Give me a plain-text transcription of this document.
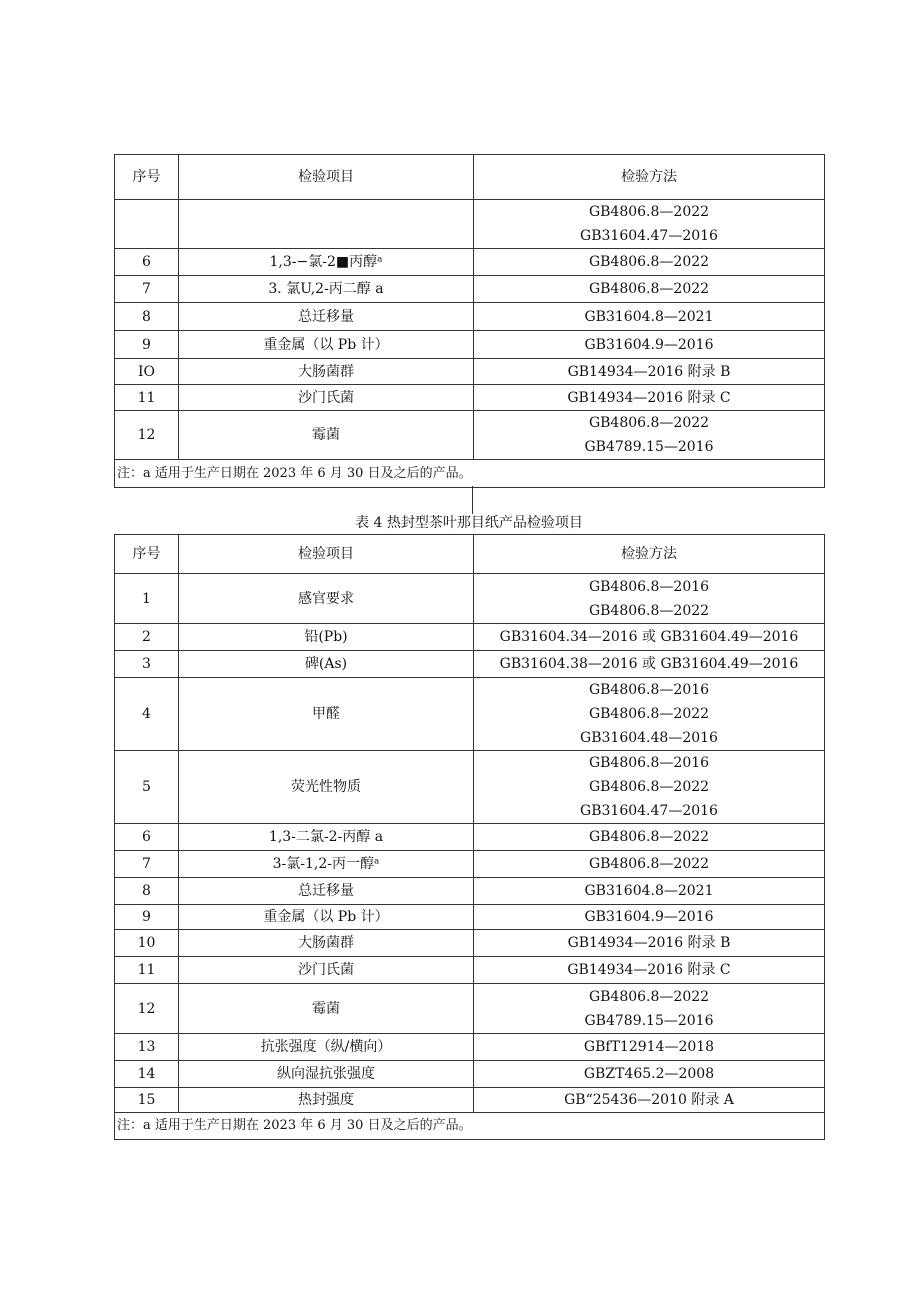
序号	检验项目	检验方法

		GB4806.8—2022
GB31604.47—2016

6	1,3-−氯-2■丙醇ᵃ	GB4806.8—2022

7	3. 氯U,2-丙二醇 a	GB4806.8—2022

8	总迁移量	GB31604.8—2021

9	重金属（以 Pb 计）	GB31604.9—2016

IO	大肠菌群	GB14934—2016 附录 B

11	沙门氏菌	GB14934—2016 附录 C

12	霉菌	GB4806.8—2022
GB4789.15—2016

注：a 适用于生产日期在 2023 年 6 月 30 日及之后的产品。		
表 4 热封型茶叶那目纸产品检验项目
序号	检验项目	检验方法
1	感官要求	GB4806.8—2016
GB4806.8—2022

2	铅(Pb)	GB31604.34—2016 或 GB31604.49—2016

3	碑(As)	GB31604.38—2016 或 GB31604.49—2016

4	甲醛	GB4806.8—2016
GB4806.8—2022
GB31604.48—2016

5	荧光性物质	GB4806.8—2016
GB4806.8—2022
GB31604.47—2016

6	1,3-二氯-2-丙醇 a	GB4806.8—2022

7	3-氯-1,2-丙一醇ᵃ	GB4806.8—2022

8	总迁移量	GB31604.8—2021

9	重金属（以 Pb 计）	GB31604.9—2016

10	大肠菌群	GB14934—2016 附录 B

11	沙门氏菌	GB14934—2016 附录 C

12	霉菌	GB4806.8—2022
GB4789.15—2016

13	抗张强度（纵/横向）	GBfT12914—2018

14	纵向湿抗张强度	GBZT465.2—2008

15	热封强度	GB“25436—2010 附录 A

注：a 适用于生产日期在 2023 年 6 月 30 日及之后的产品。		
